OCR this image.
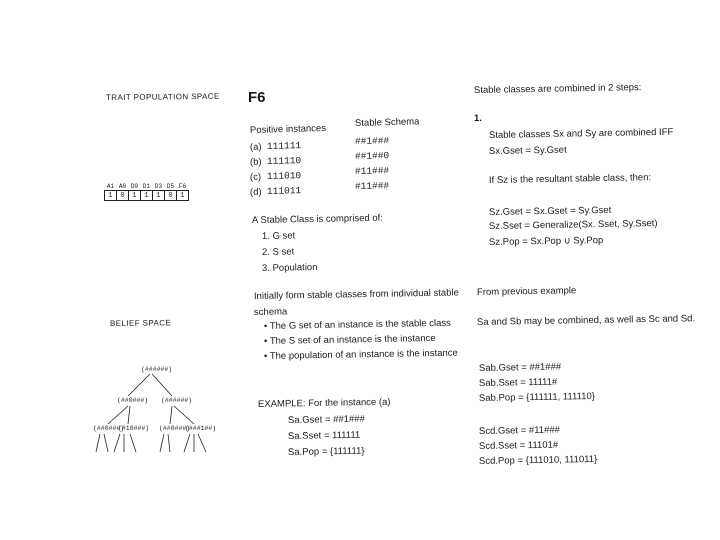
TRAIT POPULATION SPACE
A1	A0	D0	D1	D3	D5	F6
1	0	1	1	1	0	1
BELIEF SPACE
(######)
(##0###) (######)
(##0###)
(#10###) (##0###)
(###1##)
F6
Positive instances
Stable Schema
(a) 111111	##1###
(b) 111110	##1##0
(c) 111010	#11###
(d) 111011	#11###
A Stable Class is comprised of:
1. G set
2. S set
3. Population
Initially form stable classes from individual stable
schema
• The G set of an instance is the stable class
• The S set of an instance is the instance
• The population of an instance is the instance
EXAMPLE: For the instance (a)
Sa.Gset = ##1###
Sa.Sset = 111111
Sa.Pop = {111111}
Stable classes are combined in 2 steps:
1.
Stable classes Sx and Sy are combined IFF
Sx.Gset = Sy.Gset
If Sz is the resultant stable class, then:
Sz.Gset = Sx.Gset = Sy.Gset
Sz.Sset = Generalize(Sx. Sset, Sy.Sset)
Sz.Pop = Sx.Pop ∪ Sy.Pop
From previous example
Sa and Sb may be combined, as well as Sc and Sd.
Sab.Gset = ##1###
Sab.Sset = 11111#
Sab.Pop = {111111, 111110}
Scd.Gset = #11###
Scd.Sset = 11101#
Scd.Pop = {111010, 111011}
